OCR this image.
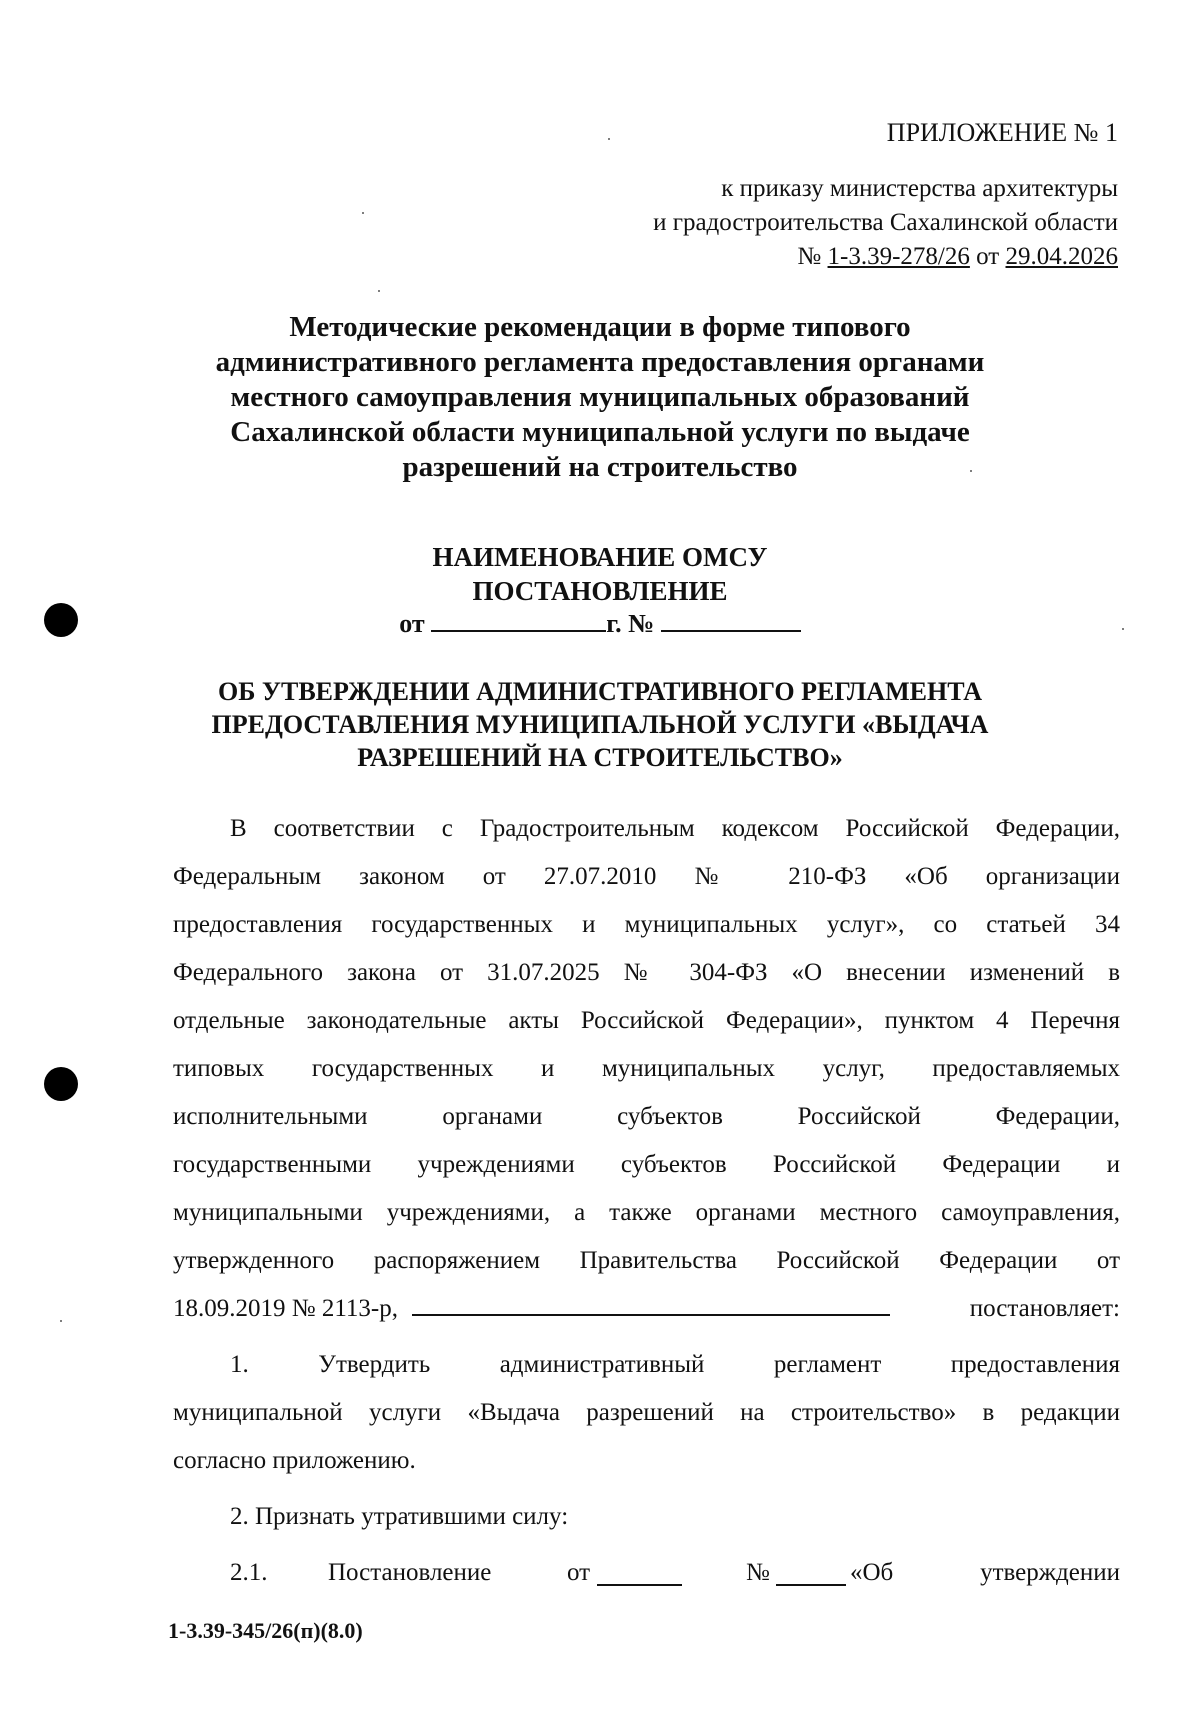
ПРИЛОЖЕНИЕ № 1
к приказу министерства архитектуры
и градостроительства Сахалинской области
№ 1-3.39-278/26 от 29.04.2026
Методические рекомендации в форме типового
административного регламента предоставления органами
местного самоуправления муниципальных образований
Сахалинской области муниципальной услуги по выдаче
разрешений на строительство
НАИМЕНОВАНИЕ ОМСУ
ПОСТАНОВЛЕНИЕ
от	г. №
ОБ УТВЕРЖДЕНИИ АДМИНИСТРАТИВНОГО РЕГЛАМЕНТА
ПРЕДОСТАВЛЕНИЯ МУНИЦИПАЛЬНОЙ УСЛУГИ «ВЫДАЧА
РАЗРЕШЕНИЙ НА СТРОИТЕЛЬСТВО»
В соответствии с Градостроительным кодексом Российской Федерации,
Федеральным законом от 27.07.2010 № 210-ФЗ «Об организации
предоставления государственных и муниципальных услуг», со статьей 34
Федерального закона от 31.07.2025 № 304-ФЗ «О внесении изменений в
отдельные законодательные акты Российской Федерации», пунктом 4 Перечня
типовых государственных и муниципальных услуг, предоставляемых
исполнительными органами субъектов Российской Федерации,
государственными учреждениями субъектов Российской Федерации и
муниципальными учреждениями, а также органами местного самоуправления,
утвержденного распоряжением Правительства Российской Федерации от
18.09.2019 № 2113-р,	постановляет:
1. Утвердить административный регламент предоставления
муниципальной услуги «Выдача разрешений на строительство» в редакции
согласно приложению.
2. Признать утратившими силу:
2.1. Постановление	от	№	«Об	утверждении
1-3.39-345/26(п)(8.0)
